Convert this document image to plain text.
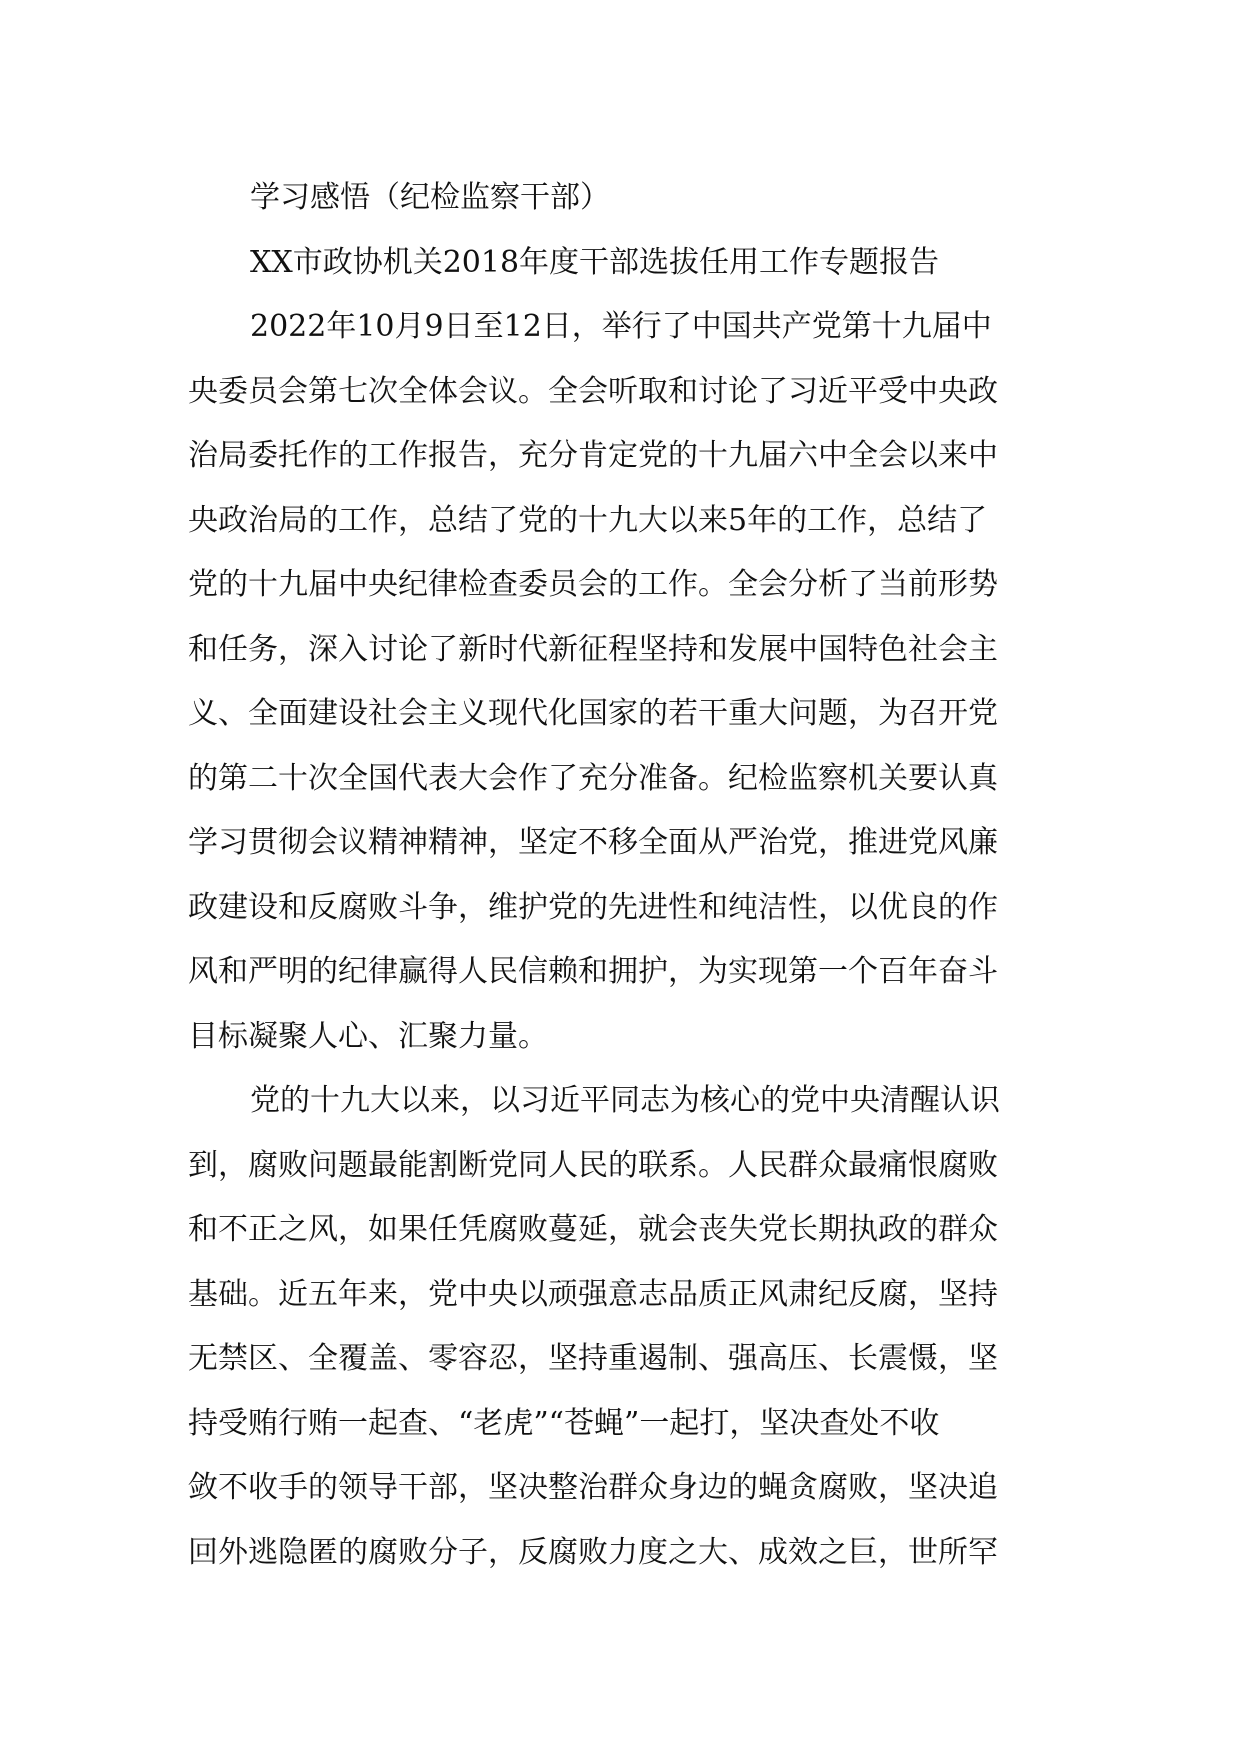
学习感悟（纪检监察干部）

XX市政协机关2018年度干部选拔任用工作专题报告

2022年10月9日至12日，举行了中国共产党第十九届中

央委员会第七次全体会议。全会听取和讨论了习近平受中央政

治局委托作的工作报告，充分肯定党的十九届六中全会以来中

央政治局的工作，总结了党的十九大以来5年的工作，总结了

党的十九届中央纪律检查委员会的工作。全会分析了当前形势

和任务，深入讨论了新时代新征程坚持和发展中国特色社会主

义、全面建设社会主义现代化国家的若干重大问题，为召开党

的第二十次全国代表大会作了充分准备。纪检监察机关要认真

学习贯彻会议精神精神，坚定不移全面从严治党，推进党风廉

政建设和反腐败斗争，维护党的先进性和纯洁性，以优良的作

风和严明的纪律赢得人民信赖和拥护，为实现第一个百年奋斗

目标凝聚人心、汇聚力量。

党的十九大以来，以习近平同志为核心的党中央清醒认识

到，腐败问题最能割断党同人民的联系。人民群众最痛恨腐败

和不正之风，如果任凭腐败蔓延，就会丧失党长期执政的群众

基础。近五年来，党中央以顽强意志品质正风肃纪反腐，坚持

无禁区、全覆盖、零容忍，坚持重遏制、强高压、长震慑，坚

持受贿行贿一起查、“老虎”“苍蝇”一起打，坚决查处不收

敛不收手的领导干部，坚决整治群众身边的蝇贪腐败，坚决追

回外逃隐匿的腐败分子，反腐败力度之大、成效之巨，世所罕
